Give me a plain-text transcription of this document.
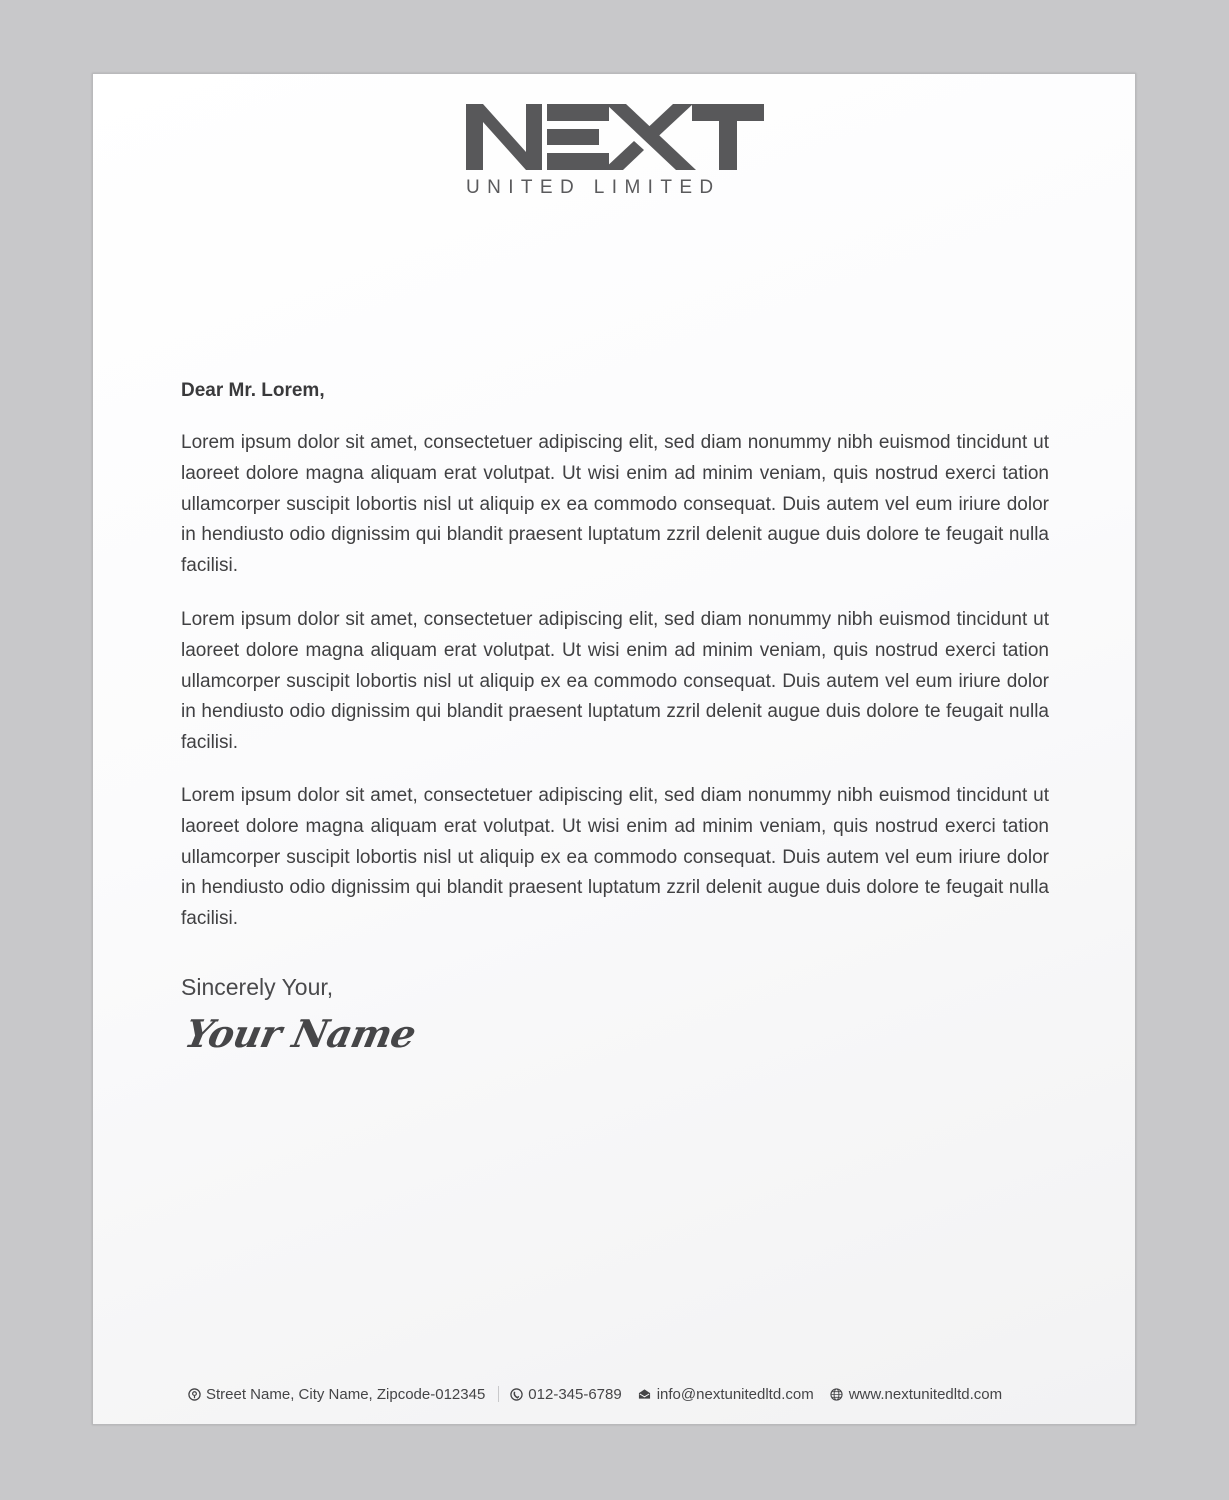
UNITED LIMITED
Dear Mr. Lorem,

Lorem ipsum dolor sit amet, consectetuer adipiscing elit, sed diam nonummy nibh euismod tincidunt ut laoreet dolore magna aliquam erat volutpat. Ut wisi enim ad minim veniam, quis nostrud exerci tation ullamcorper suscipit lobortis nisl ut aliquip ex ea commodo consequat. Duis autem vel eum iriure dolor in hendiusto odio dignissim qui blandit praesent luptatum zzril delenit augue duis dolore te feugait nulla facilisi.

Lorem ipsum dolor sit amet, consectetuer adipiscing elit, sed diam nonummy nibh euismod tincidunt ut laoreet dolore magna aliquam erat volutpat. Ut wisi enim ad minim veniam, quis nostrud exerci tation ullamcorper suscipit lobortis nisl ut aliquip ex ea commodo consequat. Duis autem vel eum iriure dolor in hendiusto odio dignissim qui blandit praesent luptatum zzril delenit augue duis dolore te feugait nulla facilisi.

Lorem ipsum dolor sit amet, consectetuer adipiscing elit, sed diam nonummy nibh euismod tincidunt ut laoreet dolore magna aliquam erat volutpat. Ut wisi enim ad minim veniam, quis nostrud exerci tation ullamcorper suscipit lobortis nisl ut aliquip ex ea commodo consequat. Duis autem vel eum iriure dolor in hendiusto odio dignissim qui blandit praesent luptatum zzril delenit augue duis dolore te feugait nulla facilisi.

Sincerely Your,
Your Name
Street Name, City Name, Zipcode-012345	012-345-6789 info@nextunitedltd.com www.nextunitedltd.com
